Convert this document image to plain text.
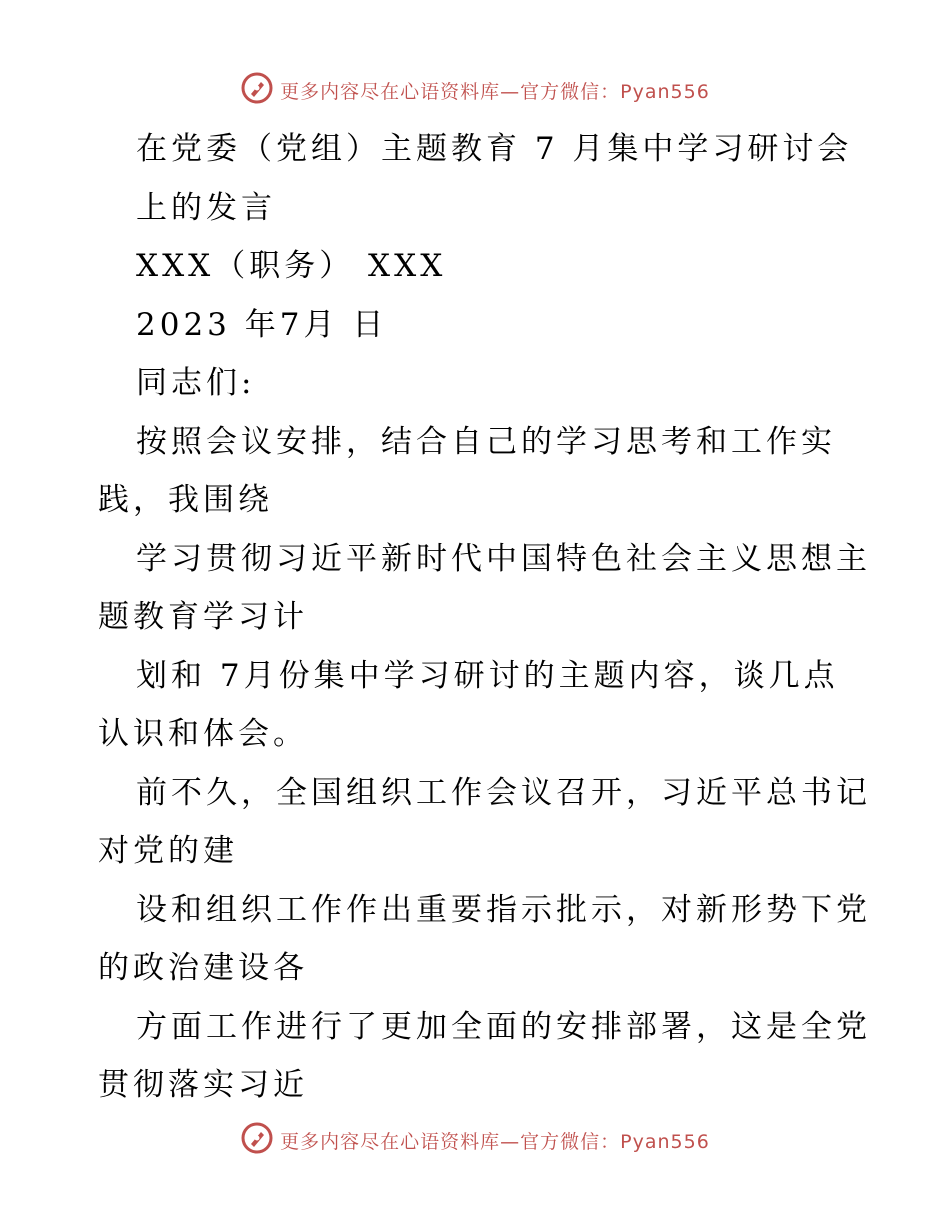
更多内容尽在心语资料库—官方微信：Pyan556
在党委（党组）主题教育 7 月集中学习研讨会
上的发言
XXX（职务） XXX
2023 年7月 日
同志们:
按照会议安排，结合自己的学习思考和工作实
践，我围绕
学习贯彻习近平新时代中国特色社会主义思想主
题教育学习计
划和 7月份集中学习研讨的主题内容，谈几点
认识和体会。
前不久，全国组织工作会议召开，习近平总书记
对党的建
设和组织工作作出重要指示批示，对新形势下党
的政治建设各
方面工作进行了更加全面的安排部署，这是全党
贯彻落实习近
更多内容尽在心语资料库—官方微信：Pyan556
